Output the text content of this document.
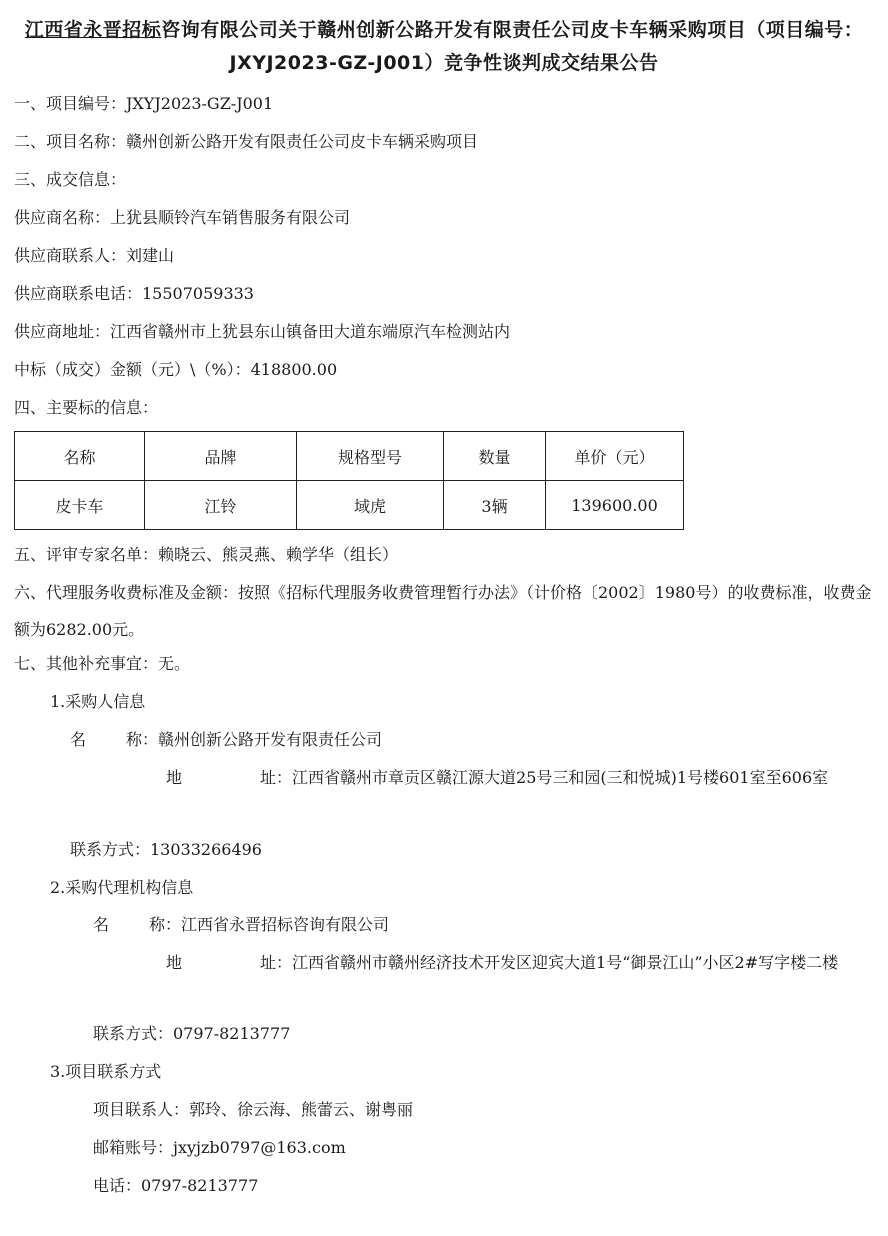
江西省永晋招标咨询有限公司关于赣州创新公路开发有限责任公司皮卡车辆采购项目（项目编号：JXYJ2023-GZ-J001）竞争性谈判成交结果公告
一、项目编号：JXYJ2023-GZ-J001
二、项目名称：赣州创新公路开发有限责任公司皮卡车辆采购项目
三、成交信息：
供应商名称：上犹县顺铃汽车销售服务有限公司
供应商联系人：刘建山
供应商联系电话：15507059333
供应商地址：江西省赣州市上犹县东山镇备田大道东端原汽车检测站内
中标（成交）金额（元）\（%）：418800.00
四、主要标的信息：
名称	品牌	规格型号	数量	单价（元）
皮卡车	江铃	域虎	3辆	139600.00
五、评审专家名单：赖晓云、熊灵燕、赖学华（组长）
六、代理服务收费标准及金额：按照《招标代理服务收费管理暂行办法》（计价格〔2002〕1980号）的收费标准，收费金额为6282.00元。
七、其他补充事宜：无。
1.采购人信息
名 称：赣州创新公路开发有限责任公司
地	址：江西省赣州市章贡区赣江源大道25号三和园(三和悦城)1号楼601室至606室
联系方式：13033266496
2.采购代理机构信息
名 称：江西省永晋招标咨询有限公司
地	址：江西省赣州市赣州经济技术开发区迎宾大道1号“御景江山”小区2#写字楼二楼
联系方式：0797-8213777
3.项目联系方式
项目联系人：郭玲、徐云海、熊蕾云、谢粤丽
邮箱账号：jxyjzb0797@163.com
电话：0797-8213777
